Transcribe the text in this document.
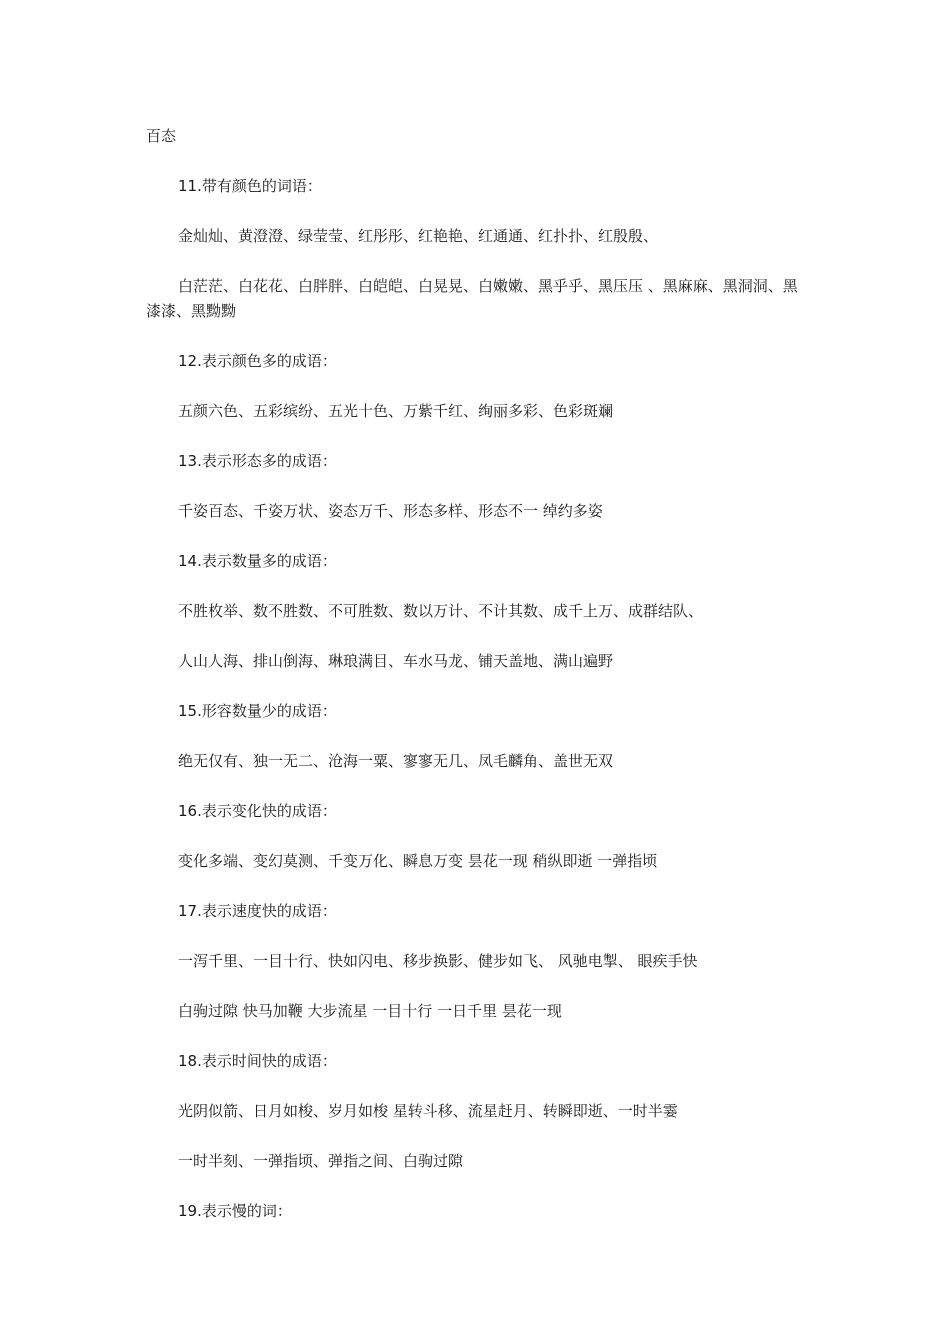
百态

11.带有颜色的词语：

金灿灿、黄澄澄、绿莹莹、红彤彤、红艳艳、红通通、红扑扑、红殷殷、

白茫茫、白花花、白胖胖、白皑皑、白晃晃、白嫩嫩、黑乎乎、黑压压 、黑麻麻、黑洞洞、黑漆漆、黑黝黝

12.表示颜色多的成语：

五颜六色、五彩缤纷、五光十色、万紫千红、绚丽多彩、色彩斑斓

13.表示形态多的成语：

千姿百态、千姿万状、姿态万千、形态多样、形态不一 绰约多姿

14.表示数量多的成语：

不胜枚举、数不胜数、不可胜数、数以万计、不计其数、成千上万、成群结队、

人山人海、排山倒海、琳琅满目、车水马龙、铺天盖地、满山遍野

15.形容数量少的成语：

绝无仅有、独一无二、沧海一粟、寥寥无几、凤毛麟角、盖世无双

16.表示变化快的成语：

变化多端、变幻莫测、千变万化、瞬息万变 昙花一现 稍纵即逝 一弹指顷

17.表示速度快的成语：

一泻千里、一目十行、快如闪电、移步换影、健步如飞、 风驰电掣、 眼疾手快

白驹过隙 快马加鞭 大步流星 一目十行 一日千里 昙花一现

18.表示时间快的成语：

光阴似箭、日月如梭、岁月如梭 星转斗移、流星赶月、转瞬即逝、一时半霎

一时半刻、一弹指顷、弹指之间、白驹过隙

19.表示慢的词：
